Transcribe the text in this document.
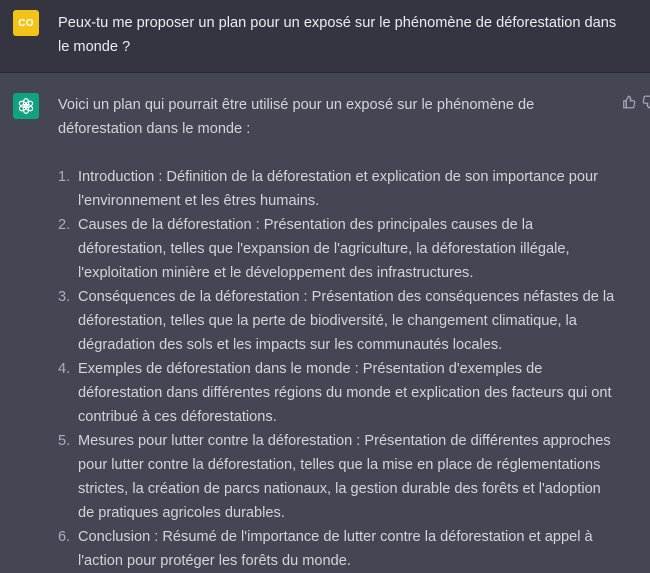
CO	Peux-tu me proposer un plan pour un exposé sur le phénomène de déforestation dans le monde ?

Voici un plan qui pourrait être utilisé pour un exposé sur le phénomène de déforestation dans le monde :

1. Introduction : Définition de la déforestation et explication de son importance pour l'environnement et les êtres humains.
2. Causes de la déforestation : Présentation des principales causes de la déforestation, telles que l'expansion de l'agriculture, la déforestation illégale, l'exploitation minière et le développement des infrastructures.
3. Conséquences de la déforestation : Présentation des conséquences néfastes de la déforestation, telles que la perte de biodiversité, le changement climatique, la dégradation des sols et les impacts sur les communautés locales.
4. Exemples de déforestation dans le monde : Présentation d'exemples de déforestation dans différentes régions du monde et explication des facteurs qui ont contribué à ces déforestations.
5. Mesures pour lutter contre la déforestation : Présentation de différentes approches pour lutter contre la déforestation, telles que la mise en place de réglementations strictes, la création de parcs nationaux, la gestion durable des forêts et l'adoption de pratiques agricoles durables.
6. Conclusion : Résumé de l'importance de lutter contre la déforestation et appel à l'action pour protéger les forêts du monde.
